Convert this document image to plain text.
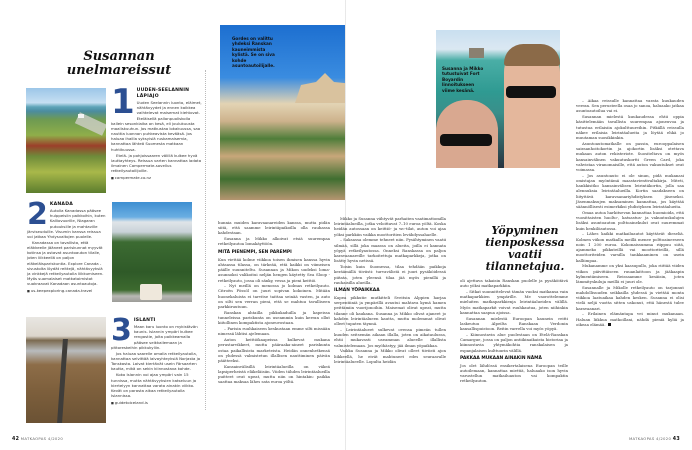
Susannan
unelmareissut
1 UUDEN-SEELANNIN LÄPIAJO

Uuden Seelannin luonto, eläimet, nähtävyydet ja ennen kaikkea vaihtelevat maisemat kiehtovat. Eteläisellä pallonpuoliskolla kallein sesonkiaika on kesä, eli joulukuusta maaliskuuhun. Jos matkustaa lokakuussa, saa nauttia luonnon puhkeavista kevääsä. Jos haluaa ihailla syksyisiä ruskamaisemia, kannattaa lähteä Suomesta matkaan huhtikuussa.

Etelä- ja pohjoissaaren välillä kulkee hyvä lauttayhteys. Reissua varten kannattaa ladata ilmainen Campermate-sovellus retkeilyautoilijoille.

■ campermate.co.nz
2 KANADA

Autolla Kanadassa pääsee hulppeisiin paikkoihin, kuten Kalliovuorille, Niagaran putouksille ja mahtaville järviseuduille. Visumin kanssa reissua voi jatkaa Yhdysvaltojen puolelle.

Kanadassa on tavallista, että eläkkeelle jääneet pariskunnat myyvät kotinsa ja ostavat asuntoauton tilalle, joten liikkeellä on paljon eläkeläispariskuntia. Explore Canada -sivustolta löydät reittejä, nähtävyyksiä ja vinkkejä retkeilyautolla liikkumiseen. Myös suomalaiset matkatoimistot vuokraavat Kanadaan asuntoautoja.

■ us-keepexploring.canada.travel
3 ISLANTI

Maan karu luonto on mykistävän kaunis. Islannin ympäri kulkee rengastie, jolta poikkeamalla pääsee seikkailemaan ja pittoreskeihin pikkukyliin.

Jos haluaa saarelle omalla retkeilyautolla, kannattaa selvittää laivayhteyksiä Norjasta ja Tanskasta. Laivat kiertävät usein Färsaarten kautta, mikä on sekin kiinnostava kohde.

Koko Islannin voi ajaa ympäri vain 15 tunnissa, mutta nähtävyyksien katseluun ja kiertelyyn kannattaa varata ainakin viikko. Kevät on parasta aikaa retkeilyautolla Islannissa.

■ guidetoiceland.is
Gordes on valittu yhdeksi Ranskan kauneimmista kylistä. Se on siva kohde asuntoautoilijalle.

hunnia muiden karavaanareiden kanssa, mutta pidän siitä, että saamme leirintäpaikoilla olla rauhassa kahdestaan.

Susanna ja Mikko alkoivat etsiä suurempaa retkeilyautoa lomakäyttöön.

MITÄ PIENEMPI, SEN PAREMPI

Kun viettää kolme viikkoa toisen ihmisen kanssa hyvin ahtaassa tilassa, on tärkeää, että kaikki on viimeisen päälle suunniteltu. Susannan ja Mikon uudeksi loma-asunnoksi valikoitui neljän hengen käytetty Sea Sloop -retkeilyauto, jossa oli sänky, vessa ja pieni keittiö.

– Nyt meillä on menossa jo kolmas retkeilyauto. Citroën Pössöl on juuri sopivan kokoinen. Mitään huonekaluista ei tarvitse taittaa seinää vasten, ja auto on silti sen verran pieni, että se mahtuu tavalliseen parkkiruutuun.

Ranskan ahtailla pikkukaduilla ja kapeissa tunneleissa pariskunta on useammin kuin kerran ollut kiitollinen kompaktista ajoneuvostaan.

– Parisin ruuhkaiseen keskustaan emme silti missään nimessä lähtisi ajelemaan.

Auton keittiökaapeissa kulkevat mukana perustarvikkeet, mutta pääraaka-aineet pariskunta ostaa paikallisista marketeista. Heidän onnenhetkensä on yhdessä valmistetun illallisen nauttiminen päivän päätteeksi.

Kansainvälisillä leirintäalueilla on väkeä lapsiperheistä eläkeläisiin. Viiden tähden leirintäalueilla puitteet ovat upeat, mutta niin on hintakin: paikka saattaa maksaa lähes sata euroa yöltä.

42 MATKAOPAS 4/2020
Susanna ja Mikko tutustuivat Fort Boyardin linnoitukseen viime kesänä.

Mikko ja Susanna viihtyvät parhaiten vaatimattomilla leirintäalueilla, jotka veloittavat 7–10 euroa yöltä. Koska heidän autossaan on keittiö- ja wc-tilat, auton voi ajaa yöksi parkkiin vaikka moottoritien levähdyssahaelle.

– Saksassa olemme tehneet niin. Pysähtyminen vaatii silmää, sillä joka maassa on alueita, joilla ei kannata yöpyä retkeilyautossa. Onneksi Ranskassa on paljon karavaanareille tarkoitettuja matkaparkkeja, jotka on lisätty hyvin netissä.

Toisin kuin Suomessa, tilaa tehdään paikkoja keräämällä tiiviisti: turvavälistä ei juuri pysäköidessä piitata, joten yleensä tilaa jää myös pienillä ja rauhaisilla alueilla.

ILMAN YÖPAIKKAA

Kapea pikkutie mutkitteli Sveitsin Alppien harjaa serpentiiniä ja ympärillä avautui mahtava kymä hamen peittämiin vuorijonoihin. Maisemat olivat upeat, mutta tilanne oli kaukana. Susanna ja Mikko olivat ajaneet jo kahden leirintäalueen kautta, mutta molemmat olivat olleet tupaten täynnä.

– Leirintäalueet sulkevat ovensa pimeän tullen kuuden seitsemän aikaan illalla, joten on aikataulussa, ehtii mukavasti useamman alueelle illallista valmistelemaan. Jos myöhästyy, jää ilman yöpaikkaa.

Vaikka Susanna ja Mikko olivat olleet tiiviisti ajon liikkeellä, he eivät mahtuneet edes seuraavalle leirintäalueelle. Lopulta heidän

oli ajettava takaisin Ranskan puolelle ja pysäköitävä auto yöksi matkaparkkiin.

– Sitkat suunnittelevat tämän vuoksi matkansa vain matkaparkkien ympärille. Me vaorottelemme mieluiten matkaparkkienja leirintäalueiden välillä. Myös matkaparkit voivat ruuhkautua, joten niihinkin kannattaa saapua ajoissa.

Susannan mielestä Euroopan kaunein reitti laskeutuu Alpeilta Ranskaan Verdonin kansallispuistoon. Reitin varrella voi myös yöpyä.

– Kiinnostavin alue puolestaan on Etelä-Ranskan Camargue, jossa on paljon antiikinaikaista historiaa ja kiinnostavia yhtymäkohtia ranskalaisen ja espanjalaisen kulttuurin välillä.

PAKKAA MUKAAN AINAKIN NÄMÄ

Jos olet lähdössä ensikertalaisena Euroopan teille autoilemaan, kannattaa miettiä, haluaako ison hyvin varustellun matkailuauton vai kompaktin retkeilyauton.

– Aikaa reissulle kannattaa varata kuukauden verran. Sen perusteella osaa jo sanoa, haluaako jatkaa asuntoautoiluа vai ei.

Susannan mielestä kuukaudessa ehtii oppia käsittelemään tavallista suurempaa ajoneuvoa ja tutustua erilaisiin ajokulttuureihin. Pitkällä reissulla näkee erilaisia leirintäalueita ja löytää ehkä jo muutaman suosikkinkin.

Asuntoautomatkalle on passin, eurooppalaisen sairaanhoitokortin ja ajokortin lisäksi otettava mukaan auton rekisteriote. Suositeltava on myös kansainvälinen vakuutuskortti Green Card, joka vahvistaa viranomaisille, että auton vakuutukset ovat voimassa.

– Jos asuntoauto ei ole sinun, pidä mukanasi omistajan myöntämä maastavientivaltakirja. Miteti, hankkisitko kansainvälisen leirintäkortin, jolla saa alennuksia leirintäalueilla. Kortin saadakseen on liityttävä karavaanariyhdistyksen jäseneksi. Jäsenmaksujen maksaminen kannattaa, jos käyttää säännöllisesti esimerkiksi yhdistyksen leirintäalueita.

Omaa autoa harkitsevan kannattaa huomioida, että vuosittaisten huolto-, katsastus- ja vakuutuskulujen lisäksi asuntoauton polttoainekulut ovat suuremmat kuin henkilöautossa.

– Lähes kaikki matkailuautot käyttävät dieseliä. Kolmen viikon matkalla meillä menee polttoaineeseen noin 1 200 euroa. Kokonaissumma riippuu siitä, ajammeko pikkuteillä vai moottoriteillä, sillä moottoriteiden varsilla tankkaaminen on usein kalliimpaa.

Mukanamme on yksi kaasupullo, joka riittää viiden viikon päivittäiseen ruuanlaittoon ja jääkaapin kylmentämiseen. Reissaamme kesäisin, joten lämmityskuluja meillä ei juuri ole.

Susannalle ja Mikolle retkeilyauto on tarjonnut mahdollisuuden seikkailla yhdessä ja viettää monta viikkoa laatuaikaa kahden kesken. Susanna ei olisi vielä neljä vuotta sitten uskonut, että hänestä tulee karavaanari.

– Erilainen elämäntapa vei minut mukanaan. Haluan liikkua matkoillani, nähdä pieniä kyliä ja oikeaa elämää.

MATKAOPAS 4/2020 43
Yöpyminen tienposkessa vaatii tilannetajua.
